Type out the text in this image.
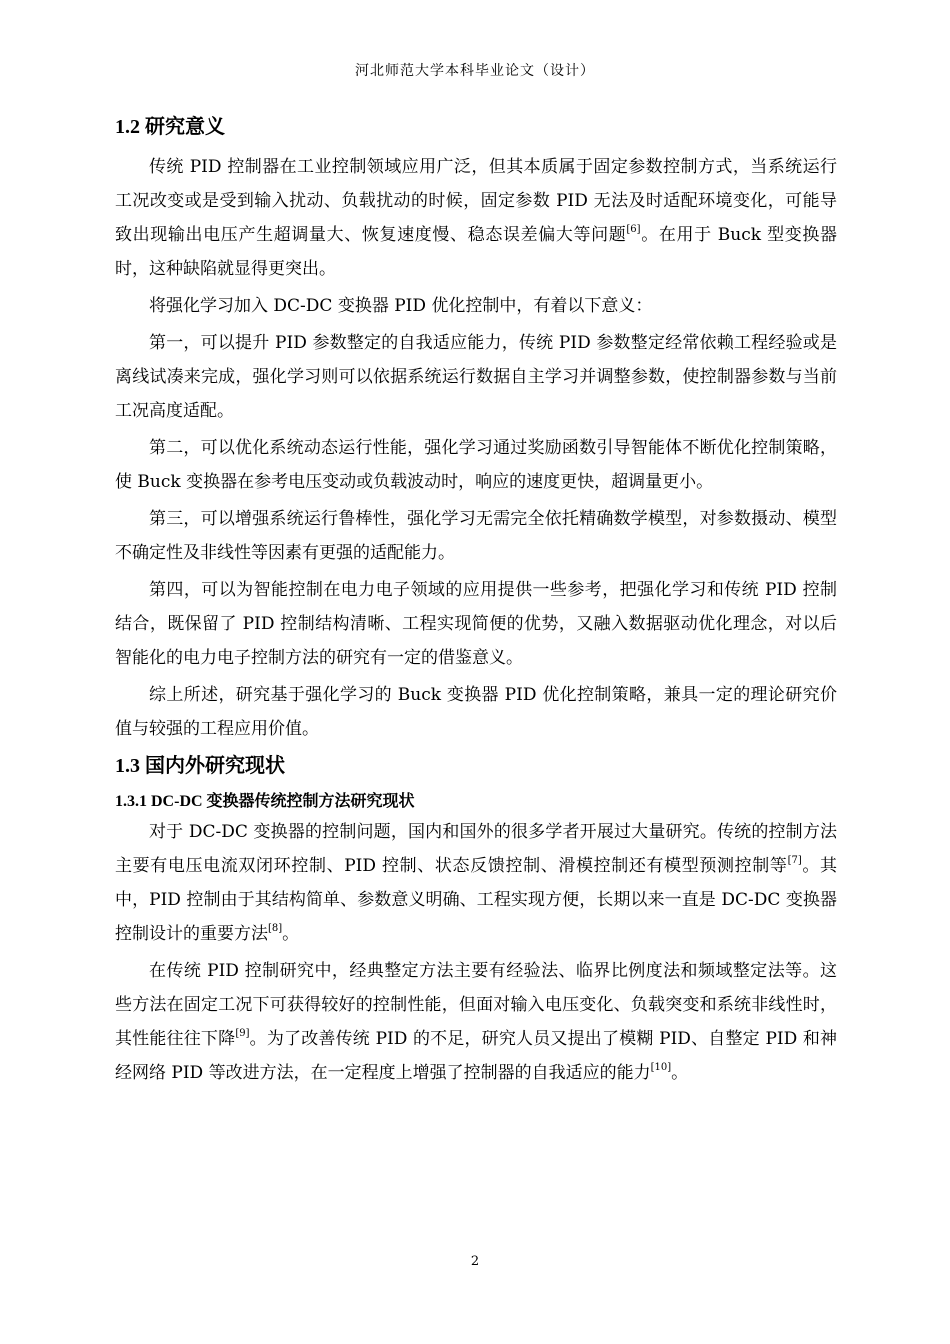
河北师范大学本科毕业论文（设计）
1.2 研究意义

传统 PID 控制器在工业控制领域应用广泛，但其本质属于固定参数控制方式，当系统运行工况改变或是受到输入扰动、负载扰动的时候，固定参数 PID 无法及时适配环境变化，可能导致出现输出电压产生超调量大、恢复速度慢、稳态误差偏大等问题[6]。在用于 Buck 型变换器时，这种缺陷就显得更突出。

将强化学习加入 DC-DC 变换器 PID 优化控制中，有着以下意义：

第一，可以提升 PID 参数整定的自我适应能力，传统 PID 参数整定经常依赖工程经验或是离线试凑来完成，强化学习则可以依据系统运行数据自主学习并调整参数，使控制器参数与当前工况高度适配。

第二，可以优化系统动态运行性能，强化学习通过奖励函数引导智能体不断优化控制策略，使 Buck 变换器在参考电压变动或负载波动时，响应的速度更快，超调量更小。

第三，可以增强系统运行鲁棒性，强化学习无需完全依托精确数学模型，对参数摄动、模型不确定性及非线性等因素有更强的适配能力。

第四，可以为智能控制在电力电子领域的应用提供一些参考，把强化学习和传统 PID 控制结合，既保留了 PID 控制结构清晰、工程实现简便的优势，又融入数据驱动优化理念，对以后智能化的电力电子控制方法的研究有一定的借鉴意义。

综上所述，研究基于强化学习的 Buck 变换器 PID 优化控制策略，兼具一定的理论研究价值与较强的工程应用价值。

1.3 国内外研究现状
1.3.1 DC-DC 变换器传统控制方法研究现状

对于 DC-DC 变换器的控制问题，国内和国外的很多学者开展过大量研究。传统的控制方法主要有电压电流双闭环控制、PID 控制、状态反馈控制、滑模控制还有模型预测控制等[7]。其中，PID 控制由于其结构简单、参数意义明确、工程实现方便，长期以来一直是 DC-DC 变换器控制设计的重要方法[8]。

在传统 PID 控制研究中，经典整定方法主要有经验法、临界比例度法和频域整定法等。这些方法在固定工况下可获得较好的控制性能，但面对输入电压变化、负载突变和系统非线性时，其性能往往下降[9]。为了改善传统 PID 的不足，研究人员又提出了模糊 PID、自整定 PID 和神经网络 PID 等改进方法，在一定程度上增强了控制器的自我适应的能力[10]。

2
